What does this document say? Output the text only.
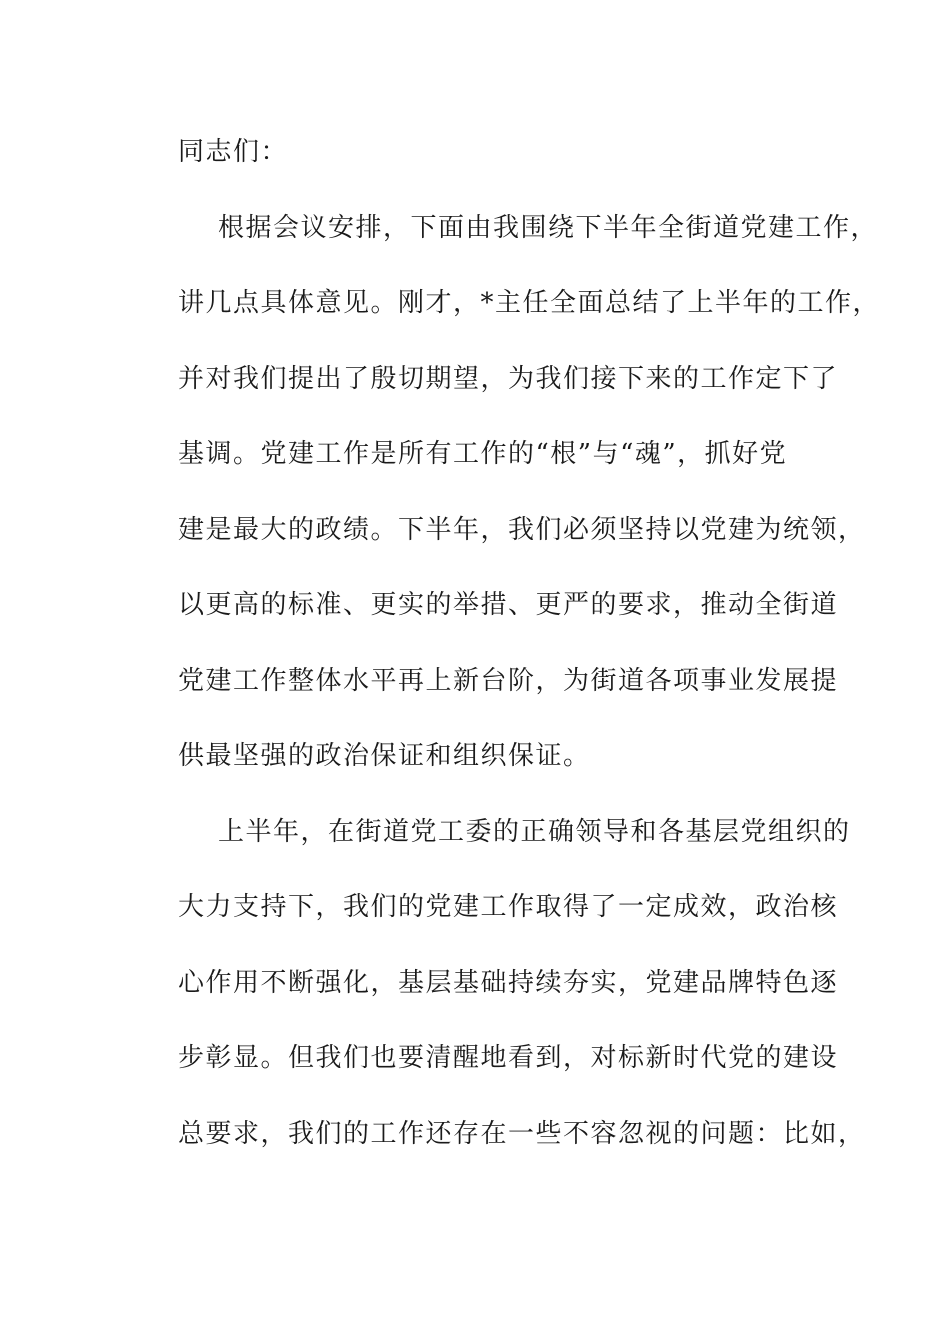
同志们：
根据会议安排，下面由我围绕下半年全街道党建工作，
讲几点具体意见。刚才，*主任全面总结了上半年的工作，
并对我们提出了殷切期望，为我们接下来的工作定下了
基调。党建工作是所有工作的“根”与“魂”，抓好党
建是最大的政绩。下半年，我们必须坚持以党建为统领，
以更高的标准、更实的举措、更严的要求，推动全街道
党建工作整体水平再上新台阶，为街道各项事业发展提
供最坚强的政治保证和组织保证。
上半年，在街道党工委的正确领导和各基层党组织的
大力支持下，我们的党建工作取得了一定成效，政治核
心作用不断强化，基层基础持续夯实，党建品牌特色逐
步彰显。但我们也要清醒地看到，对标新时代党的建设
总要求，我们的工作还存在一些不容忽视的问题：比如，
